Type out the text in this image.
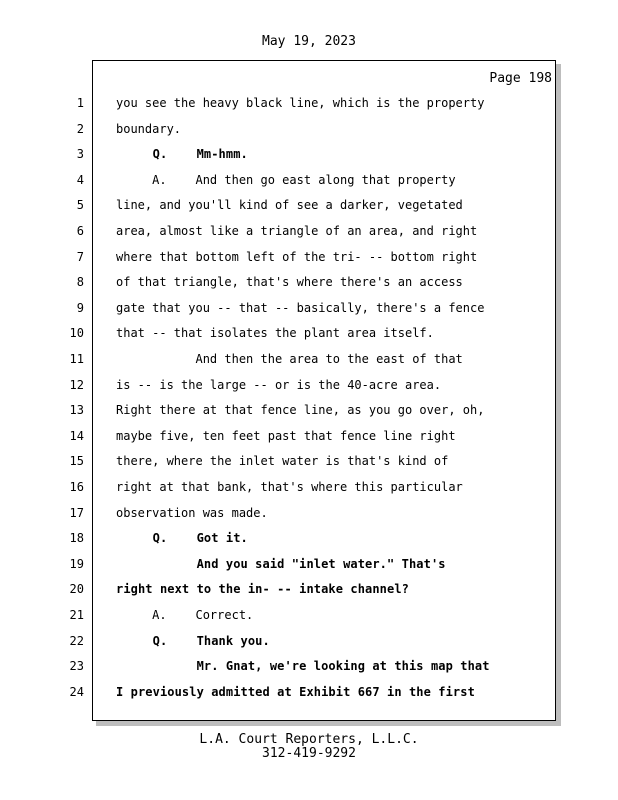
May 19, 2023
Page 198
1	you see the heavy black line, which is the property
2	boundary.
3	Q.    Mm-hmm.
4	A.    And then go east along that property
5	line, and you'll kind of see a darker, vegetated
6	area, almost like a triangle of an area, and right
7	where that bottom left of the tri- -- bottom right
8	of that triangle, that's where there's an access
9	gate that you -- that -- basically, there's a fence
10	that -- that isolates the plant area itself.
11	And then the area to the east of that
12	is -- is the large -- or is the 40-acre area.
13	Right there at that fence line, as you go over, oh,
14	maybe five, ten feet past that fence line right
15	there, where the inlet water is that's kind of
16	right at that bank, that's where this particular
17	observation was made.
18	Q.    Got it.
19	And you said "inlet water." That's
20	right next to the in- -- intake channel?
21	A.    Correct.
22	Q.    Thank you.
23	Mr. Gnat, we're looking at this map that
24	I previously admitted at Exhibit 667 in the first
L.A. Court Reporters, L.L.C.
312-419-9292
